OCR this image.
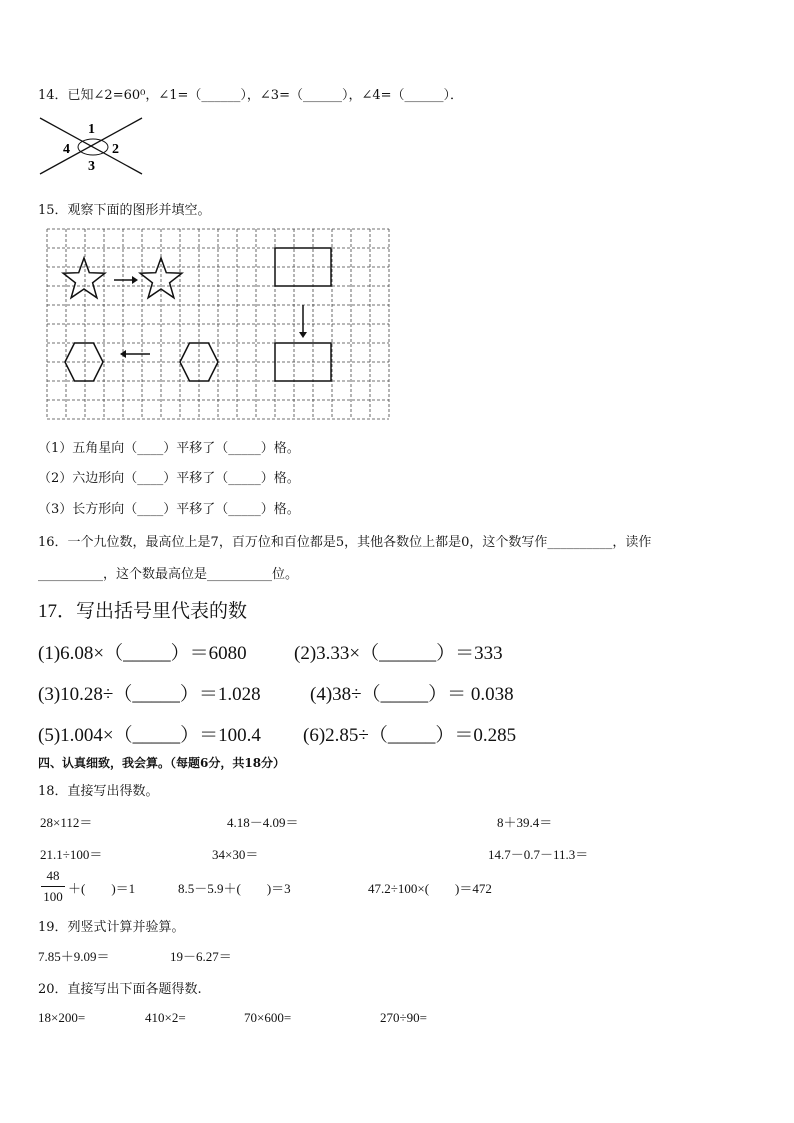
14．已知∠2=60⁰，∠1=（______），∠3=（______），∠4=（______）．
1
2
3
4
15．观察下面的图形并填空。
（1）五角星向（____）平移了（_____）格。
（2）六边形向（____）平移了（_____）格。
（3）长方形向（____）平移了（_____）格。
16．一个九位数，最高位上是7，百万位和百位都是5，其他各数位上都是0，这个数写作__________，读作
__________，这个数最高位是__________位。
17．写出括号里代表的数
(1)6.08×（_____）＝6080 (2)3.33×（______）＝333
(3)10.28÷（_____）＝1.028	(4)38÷（_____）＝ 0.038
(5)1.004×（_____）＝100.4 (6)2.85÷（_____）＝0.285
四、认真细致，我会算。（每题6分，共18分）
18．直接写出得数。
28×112＝	4.18－4.09＝	8＋39.4＝
21.1÷100＝	34×30＝	14.7－0.7－11.3＝
48
100
＋(　　)＝1	8.5－5.9＋(　　)＝3	47.2÷100×(　　)＝472
19．列竖式计算并验算。
7.85＋9.09＝	19－6.27＝
20．直接写出下面各题得数.
18×200=	410×2=	70×600=	270÷90=
